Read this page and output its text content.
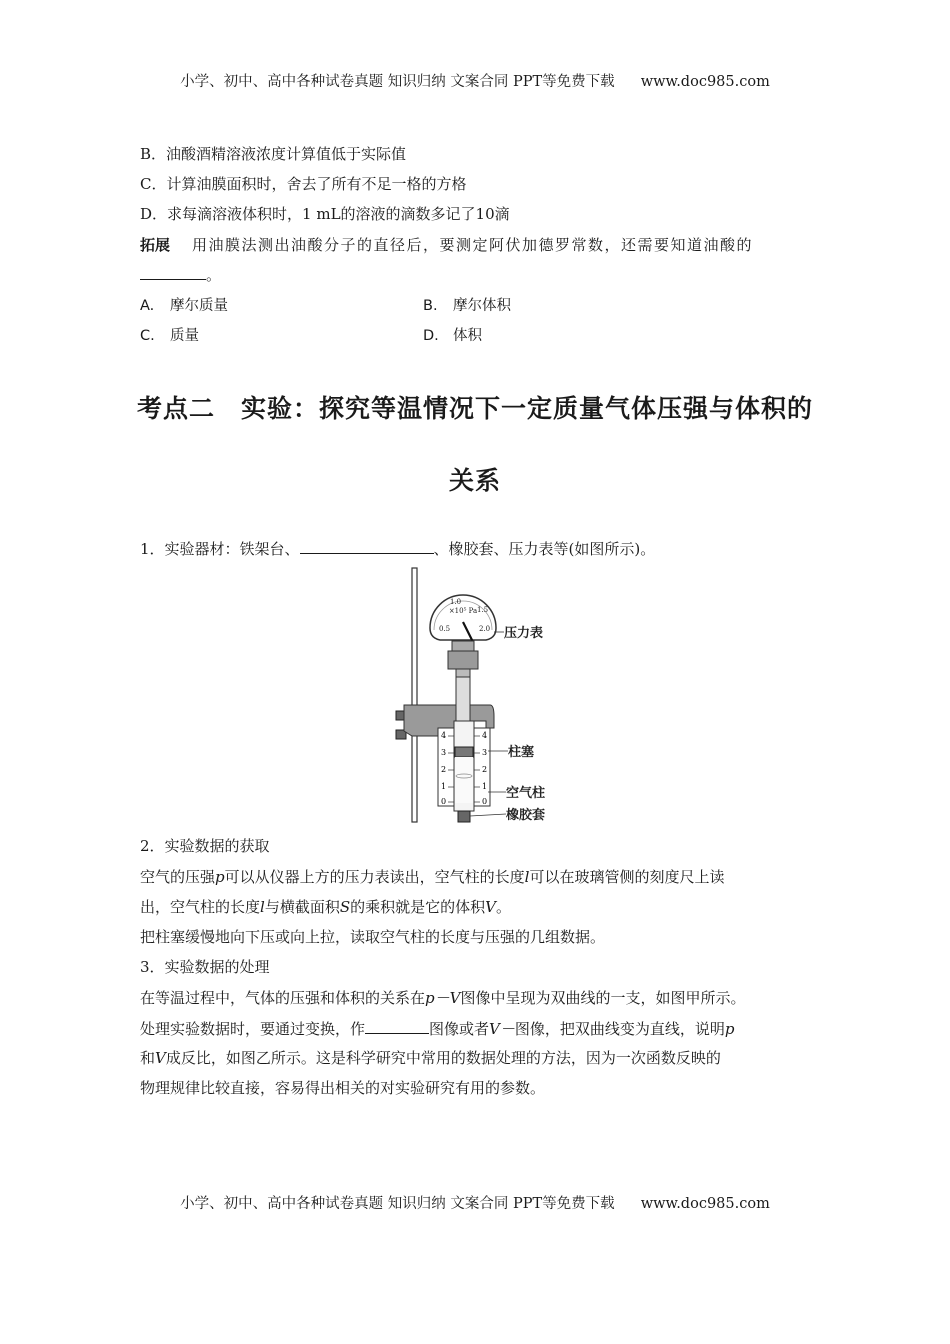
小学、初中、高中各种试卷真题 知识归纳 文案合同 PPT等免费下载 www.doc985.com
B．油酸酒精溶液浓度计算值低于实际值
C．计算油膜面积时，舍去了所有不足一格的方格
D．求每滴溶液体积时，1 mL的溶液的滴数多记了10滴
拓展 用油膜法测出油酸分子的直径后，要测定阿伏加德罗常数，还需要知道油酸的
。
A. 摩尔质量	B. 摩尔体积
C. 质量	D. 体积
考点二　实验：探究等温情况下一定质量气体压强与体积的
关系
1．实验器材：铁架台、	、橡胶套、压力表等(如图所示)。
×10⁵ Pa
0.5
1.0
1.5
2.0
4
3
2
1
0
4
3
2
1
0
压力表
柱塞
空气柱
橡胶套
2．实验数据的获取
空气的压强p可以从仪器上方的压力表读出，空气柱的长度l可以在玻璃管侧的刻度尺上读
出，空气柱的长度l与横截面积S的乘积就是它的体积V。
把柱塞缓慢地向下压或向上拉，读取空气柱的长度与压强的几组数据。
3．实验数据的处理
在等温过程中，气体的压强和体积的关系在p－V图像中呈现为双曲线的一支，如图甲所示。
处理实验数据时，要通过变换，作	图像或者V－图像，把双曲线变为直线，说明p
和V成反比，如图乙所示。这是科学研究中常用的数据处理的方法，因为一次函数反映的
物理规律比较直接，容易得出相关的对实验研究有用的参数。
小学、初中、高中各种试卷真题 知识归纳 文案合同 PPT等免费下载 www.doc985.com
